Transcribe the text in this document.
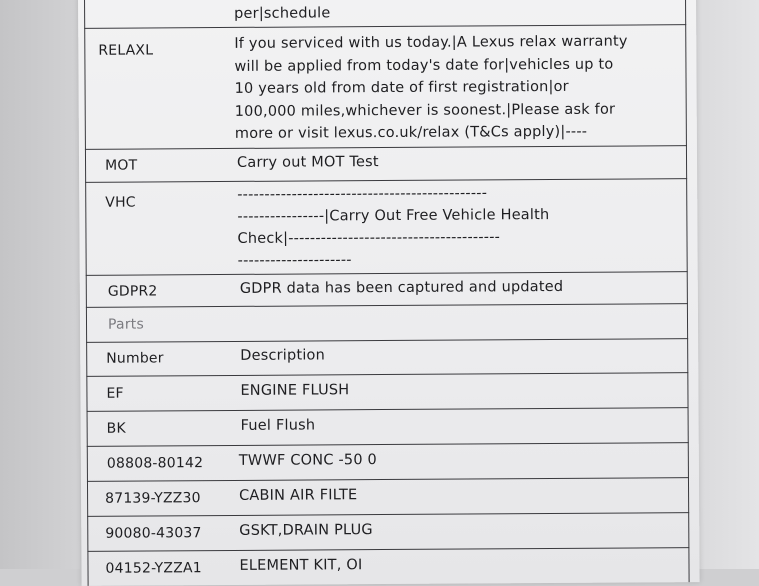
per|schedule
RELAXL	If you serviced with us today.|A Lexus relax warranty
will be applied from today's date for|vehicles up to
10 years old from date of first registration|or
100,000 miles,whichever is soonest.|Please ask for
more or visit lexus.co.uk/relax (T&Cs apply)|----
MOT	Carry out MOT Test
VHC	----------------------------------------------
----------------|Carry Out Free Vehicle Health
Check|---------------------------------------
---------------------
GDPR2	GDPR data has been captured and updated
Parts
Number	Description
EF	ENGINE FLUSH
BK	Fuel Flush
08808-80142 TWWF CONC -50 0
87139-YZZ30	CABIN AIR FILTE
90080-43037	GSKT,DRAIN PLUG
04152-YZZA1	ELEMENT KIT, OI
